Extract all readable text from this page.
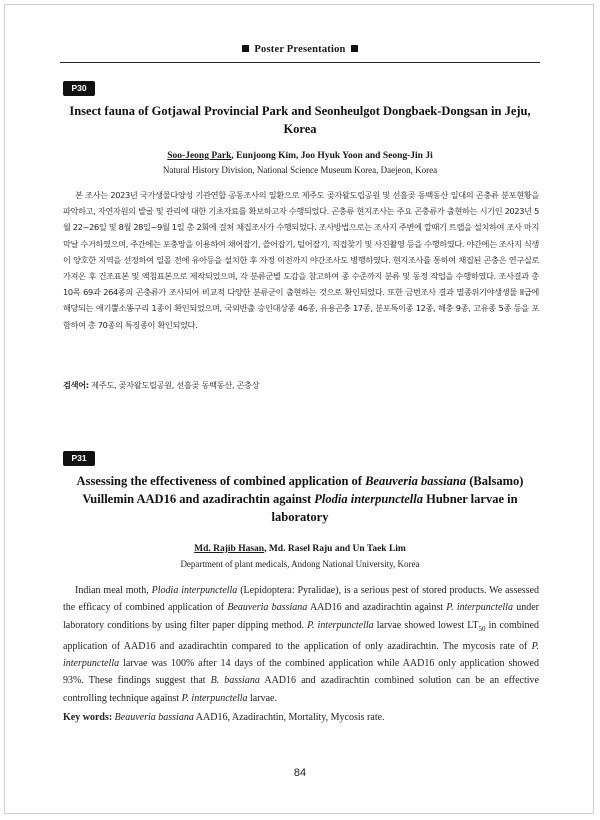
Poster Presentation
P30
Insect fauna of Gotjawal Provincial Park and Seonheulgot Dongbaek-Dongsan in Jeju, Korea
Soo-Jeong Park, Eunjoong Kim, Joo Hyuk Yoon and Seong-Jin Ji
Natural History Division, National Science Museum Korea, Daejeon, Korea
본 조사는 2023년 국가생물다양성 기관연합 공동조사의 일환으로 제주도 곶자왈도립공원 및 선흘곶 동백동산 일대의 곤충류 분포현황을 파악하고, 자연자원의 발굴 및 관리에 대한 기초자료를 확보하고자 수행되었다. 곤충류 현지조사는 주요 곤충류가 출현하는 시기인 2023년 5월 22~26일 및 8월 28일~9월 1일 총 2회에 걸쳐 채집조사가 수행되었다. 조사방법으로는 조사지 주변에 깔때기 트랩을 설치하여 조사 마지막날 수거하였으며, 주간에는 포충망을 이용하여 채어잡기, 쓸어잡기, 털어잡기, 직접찾기 및 사진촬영 등을 수행하였다. 야간에는 조사지 식생이 양호한 지역을 선정하여 일몰 전에 유아등을 설치한 후 자정 이전까지 야간조사도 병행하였다. 현지조사를 통하여 채집된 곤충은 연구실로 가져온 후 건조표본 및 액침표본으로 제작되었으며, 각 분류군별 도감을 참고하여 종 수준까지 분류 및 동정 작업을 수행하였다. 조사결과 총 10목 69과 264종의 곤충류가 조사되어 비교적 다양한 분류군이 출현하는 것으로 확인되었다. 또한 금번조사 결과 멸종위기야생생물 II급에 해당되는 애기뿔소똥구리 1종이 확인되었으며, 국외반출 승인대상종 46종, 유용곤충 17종, 분포특이종 12종, 해충 9종, 고유종 5종 등을 포함하여 총 70종의 특징종이 확인되었다.
검색어: 제주도, 곶자왈도립공원, 선흘곶 동백동산, 곤충상
P31
Assessing the effectiveness of combined application of Beauveria bassiana (Balsamo) Vuillemin AAD16 and azadirachtin against Plodia interpunctella Hubner larvae in laboratory
Md. Rajib Hasan, Md. Rasel Raju and Un Taek Lim
Department of plant medicals, Andong National University, Korea
Indian meal moth, Plodia interpunctella (Lepidoptera: Pyralidae), is a serious pest of stored products. We assessed the efficacy of combined application of Beauveria bassiana AAD16 and azadirachtin against P. interpunctella under laboratory conditions by using filter paper dipping method. P. interpunctella larvae showed lowest $LT_{50}$ in combined application of AAD16 and azadirachtin compared to the application of only azadirachtin. The mycosis rate of P. interpunctella larvae was 100% after 14 days of the combined application while AAD16 only application showed 93%. These findings suggest that B. bassiana AAD16 and azadirachtin combined solution can be an effective controlling technique against P. interpunctella larvae.
Key words: Beauveria bassiana AAD16, Azadirachtin, Mortality, Mycosis rate.
84
